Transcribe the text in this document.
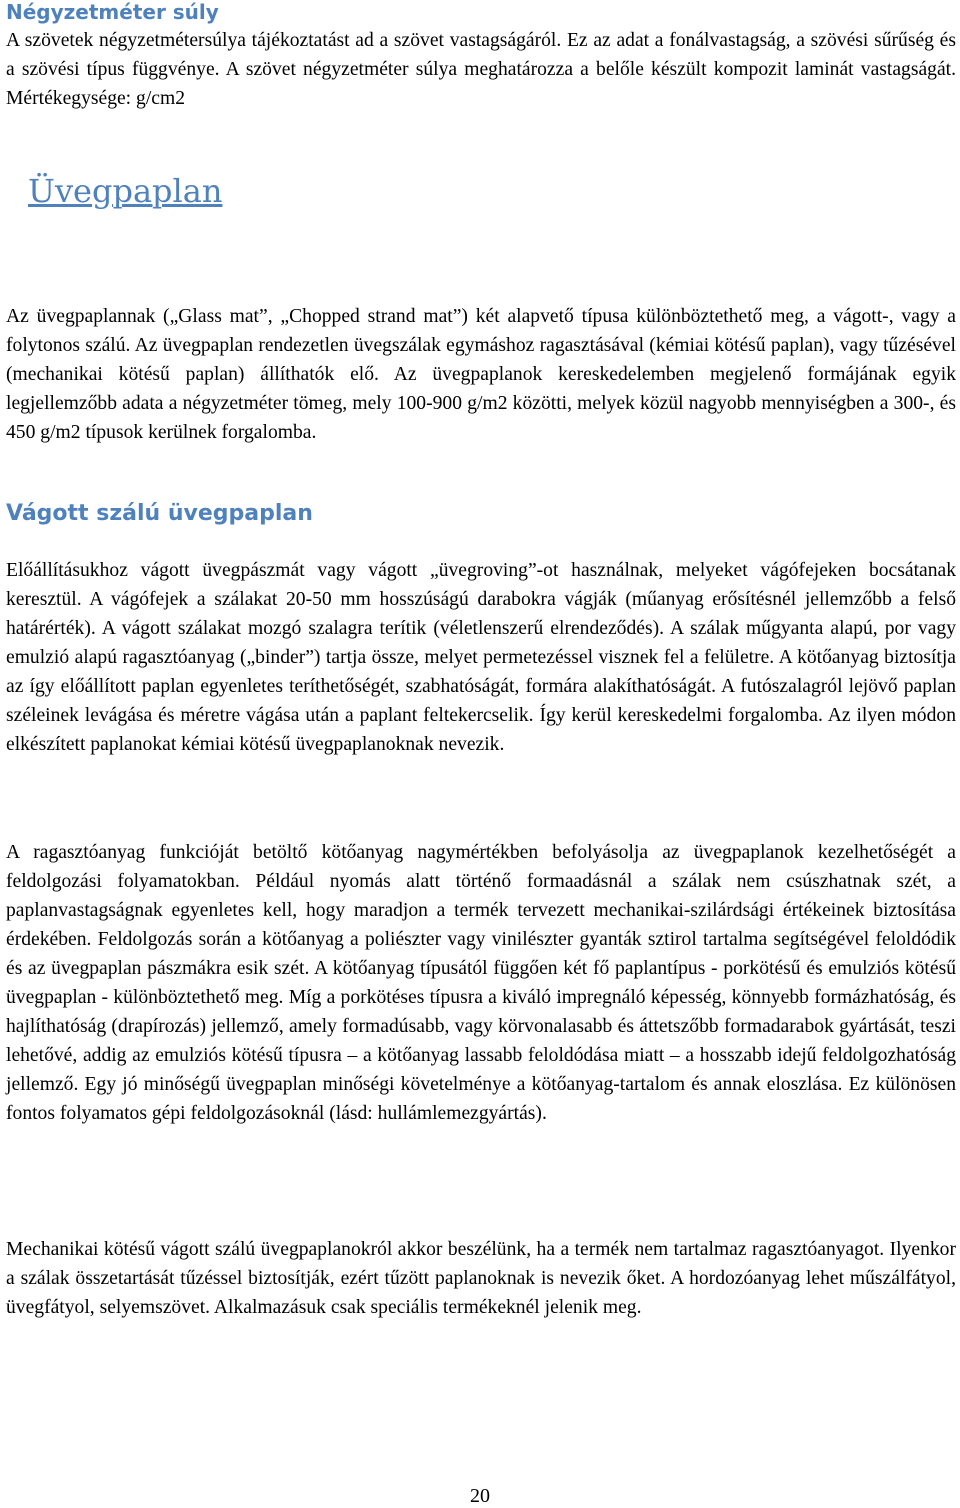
Négyzetméter súly

A szövetek négyzetmétersúlya tájékoztatást ad a szövet vastagságáról. Ez az adat a fonálvastagság, a szövési sűrűség és a szövési típus függvénye. A szövet négyzetméter súlya meghatározza a belőle készült kompozit laminát vastagságát. Mértékegysége: g/cm2

Üvegpaplan

Az üvegpaplannak („Glass mat”, „Chopped strand mat”) két alapvető típusa különböztethető meg, a vágott-, vagy a folytonos szálú. Az üvegpaplan rendezetlen üvegszálak egymáshoz ragasztásával (kémiai kötésű paplan), vagy tűzésével (mechanikai kötésű paplan) állíthatók elő. Az üvegpaplanok kereskedelemben megjelenő formájának egyik legjellemzőbb adata a négyzetméter tömeg, mely 100-900 g/m2 közötti, melyek közül nagyobb mennyiségben a 300-, és 450 g/m2 típusok kerülnek forgalomba.

Vágott szálú üvegpaplan

Előállításukhoz vágott üvegpászmát vagy vágott „üvegroving”-ot használnak, melyeket vágófejeken bocsátanak keresztül. A vágófejek a szálakat 20-50 mm hosszúságú darabokra vágják (műanyag erősítésnél jellemzőbb a felső határérték). A vágott szálakat mozgó szalagra terítik (véletlenszerű elrendeződés). A szálak műgyanta alapú, por vagy emulzió alapú ragasztóanyag („binder”) tartja össze, melyet permetezéssel visznek fel a felületre. A kötőanyag biztosítja az így előállított paplan egyenletes teríthetőségét, szabhatóságát, formára alakíthatóságát. A futószalagról lejövő paplan széleinek levágása és méretre vágása után a paplant feltekercselik. Így kerül kereskedelmi forgalomba. Az ilyen módon elkészített paplanokat kémiai kötésű üvegpaplanoknak nevezik.

A ragasztóanyag funkcióját betöltő kötőanyag nagymértékben befolyásolja az üvegpaplanok kezelhetőségét a feldolgozási folyamatokban. Például nyomás alatt történő formaadásnál a szálak nem csúszhatnak szét, a paplanvastagságnak egyenletes kell, hogy maradjon a termék tervezett mechanikai-szilárdsági értékeinek biztosítása érdekében. Feldolgozás során a kötőanyag a poliészter vagy vinilészter gyanták sztirol tartalma segítségével feloldódik és az üvegpaplan pászmákra esik szét. A kötőanyag típusától függően két fő paplantípus - porkötésű és emulziós kötésű üvegpaplan - különböztethető meg. Míg a porkötéses típusra a kiváló impregnáló képesség, könnyebb formázhatóság, és hajlíthatóság (drapírozás) jellemző, amely formadúsabb, vagy körvonalasabb és áttetszőbb formadarabok gyártását, teszi lehetővé, addig az emulziós kötésű típusra – a kötőanyag lassabb feloldódása miatt – a hosszabb idejű feldolgozhatóság jellemző. Egy jó minőségű üvegpaplan minőségi követelménye a kötőanyag-tartalom és annak eloszlása. Ez különösen fontos folyamatos gépi feldolgozásoknál (lásd: hullámlemezgyártás).

Mechanikai kötésű vágott szálú üvegpaplanokról akkor beszélünk, ha a termék nem tartalmaz ragasztóanyagot. Ilyenkor a szálak összetartását tűzéssel biztosítják, ezért tűzött paplanoknak is nevezik őket. A hordozóanyag lehet műszálfátyol, üvegfátyol, selyemszövet. Alkalmazásuk csak speciális termékeknél jelenik meg.

20
